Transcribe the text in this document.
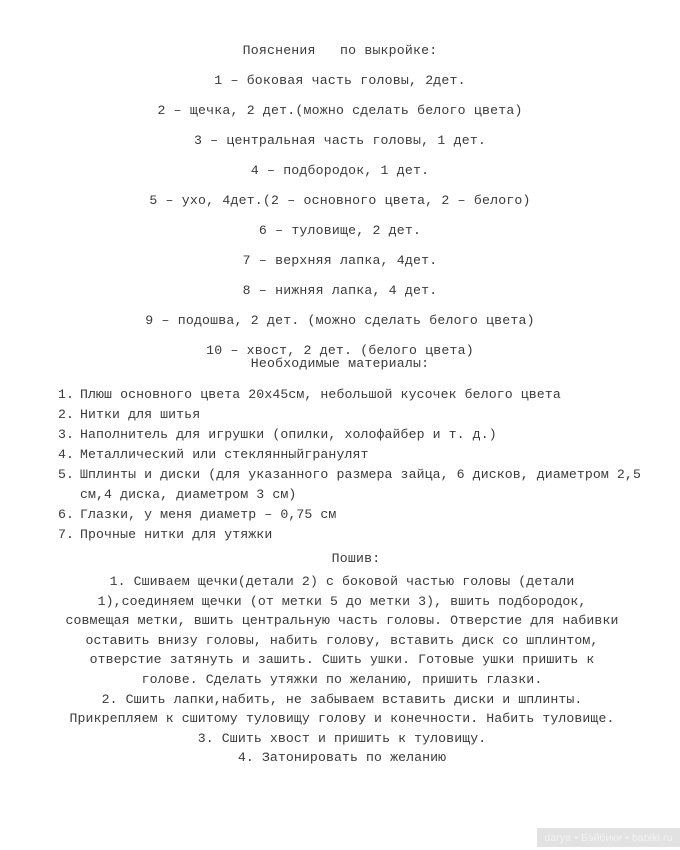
Пояснения   по выкройке:
1 – боковая часть головы, 2дет.
2 – щечка, 2 дет.(можно сделать белого цвета)
3 – центральная часть головы, 1 дет.
4 – подбородок, 1 дет.
5 – ухо, 4дет.(2 – основного цвета, 2 – белого)
6 – туловище, 2 дет.
7 – верхняя лапка, 4дет.
8 – нижняя лапка, 4 дет.
9 – подошва, 2 дет. (можно сделать белого цвета)
10 – хвост, 2 дет. (белого цвета)
Необходимые материалы:
1. Плюш основного цвета 20х45см, небольшой кусочек белого цвета
2. Нитки для шитья
3. Наполнитель для игрушки (опилки, холофайбер и т. д.)
4. Металлический или стеклянныйгранулят
5. Шплинты и диски (для указанного размера зайца, 6 дисков, диаметром 2,5 см,4 диска, диаметром 3 см)
6. Глазки, у меня диаметр – 0,75 см
7. Прочные нитки для утяжки
Пошив:

1. Сшиваем щечки(детали 2) с боковой частью головы (детали 1),соединяем щечки (от метки 5 до метки 3), вшить подбородок, совмещая метки, вшить центральную часть головы. Отверстие для набивки оставить внизу головы, набить голову, вставить диск со шплинтом, отверстие затянуть и зашить. Сшить ушки. Готовые ушки пришить к голове. Сделать утяжки по желанию, пришить глазки.

2. Сшить лапки,набить, не забываем вставить диски и шплинты. Прикрепляем к сшитому туловищу голову и конечности. Набить туловище.

3. Сшить хвост и пришить к туловищу.

4. Затонировать по желанию

darya • Бэйбики • babiki.ru
